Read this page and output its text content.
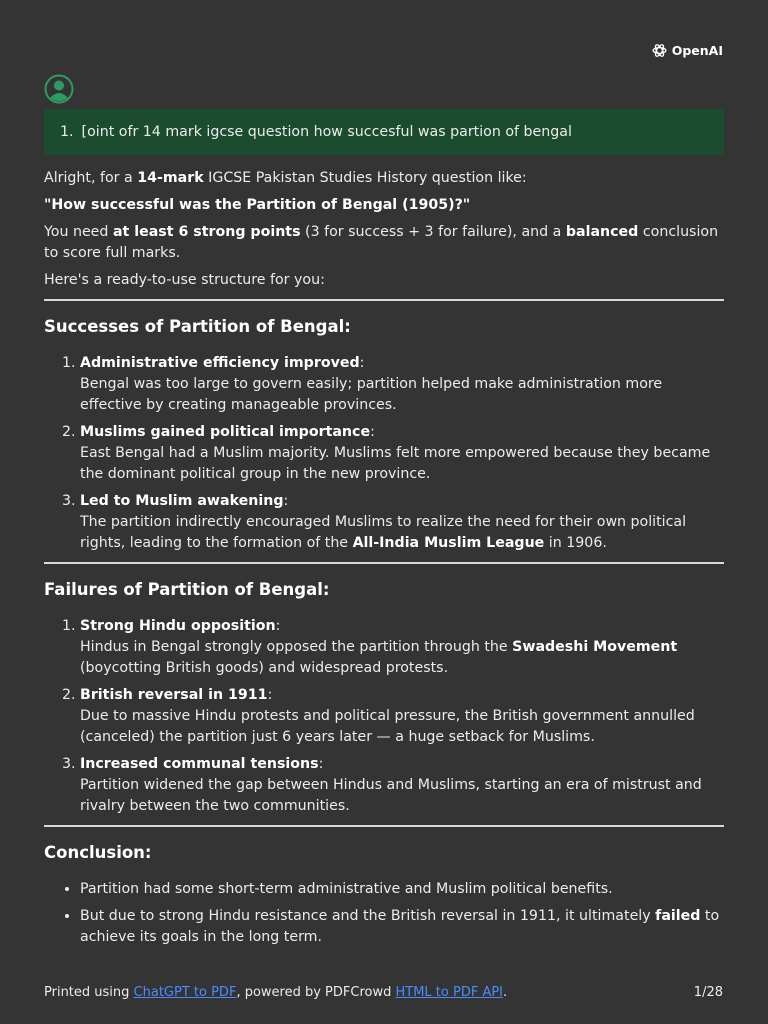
OpenAI
1. [oint ofr 14 mark igcse question how succesful was partion of bengal

Alright, for a 14-mark IGCSE Pakistan Studies History question like:

"How successful was the Partition of Bengal (1905)?"

You need at least 6 strong points (3 for success + 3 for failure), and a balanced conclusion to score full marks.

Here's a ready-to-use structure for you:

Successes of Partition of Bengal:
1. Administrative efficiency improved:
Bengal was too large to govern easily; partition helped make administration more effective by creating manageable provinces.
2. Muslims gained political importance:
East Bengal had a Muslim majority. Muslims felt more empowered because they became the dominant political group in the new province.
3. Led to Muslim awakening:
The partition indirectly encouraged Muslims to realize the need for their own political rights, leading to the formation of the All-India Muslim League in 1906.
Failures of Partition of Bengal:
1. Strong Hindu opposition:
Hindus in Bengal strongly opposed the partition through the Swadeshi Movement (boycotting British goods) and widespread protests.
2. British reversal in 1911:
Due to massive Hindu protests and political pressure, the British government annulled (canceled) the partition just 6 years later — a huge setback for Muslims.
3. Increased communal tensions:
Partition widened the gap between Hindus and Muslims, starting an era of mistrust and rivalry between the two communities.
Conclusion:
• Partition had some short-term administrative and Muslim political benefits.
• But due to strong Hindu resistance and the British reversal in 1911, it ultimately failed to achieve its goals in the long term.
Printed using ChatGPT to PDF, powered by PDFCrowd HTML to PDF API.	1/28
